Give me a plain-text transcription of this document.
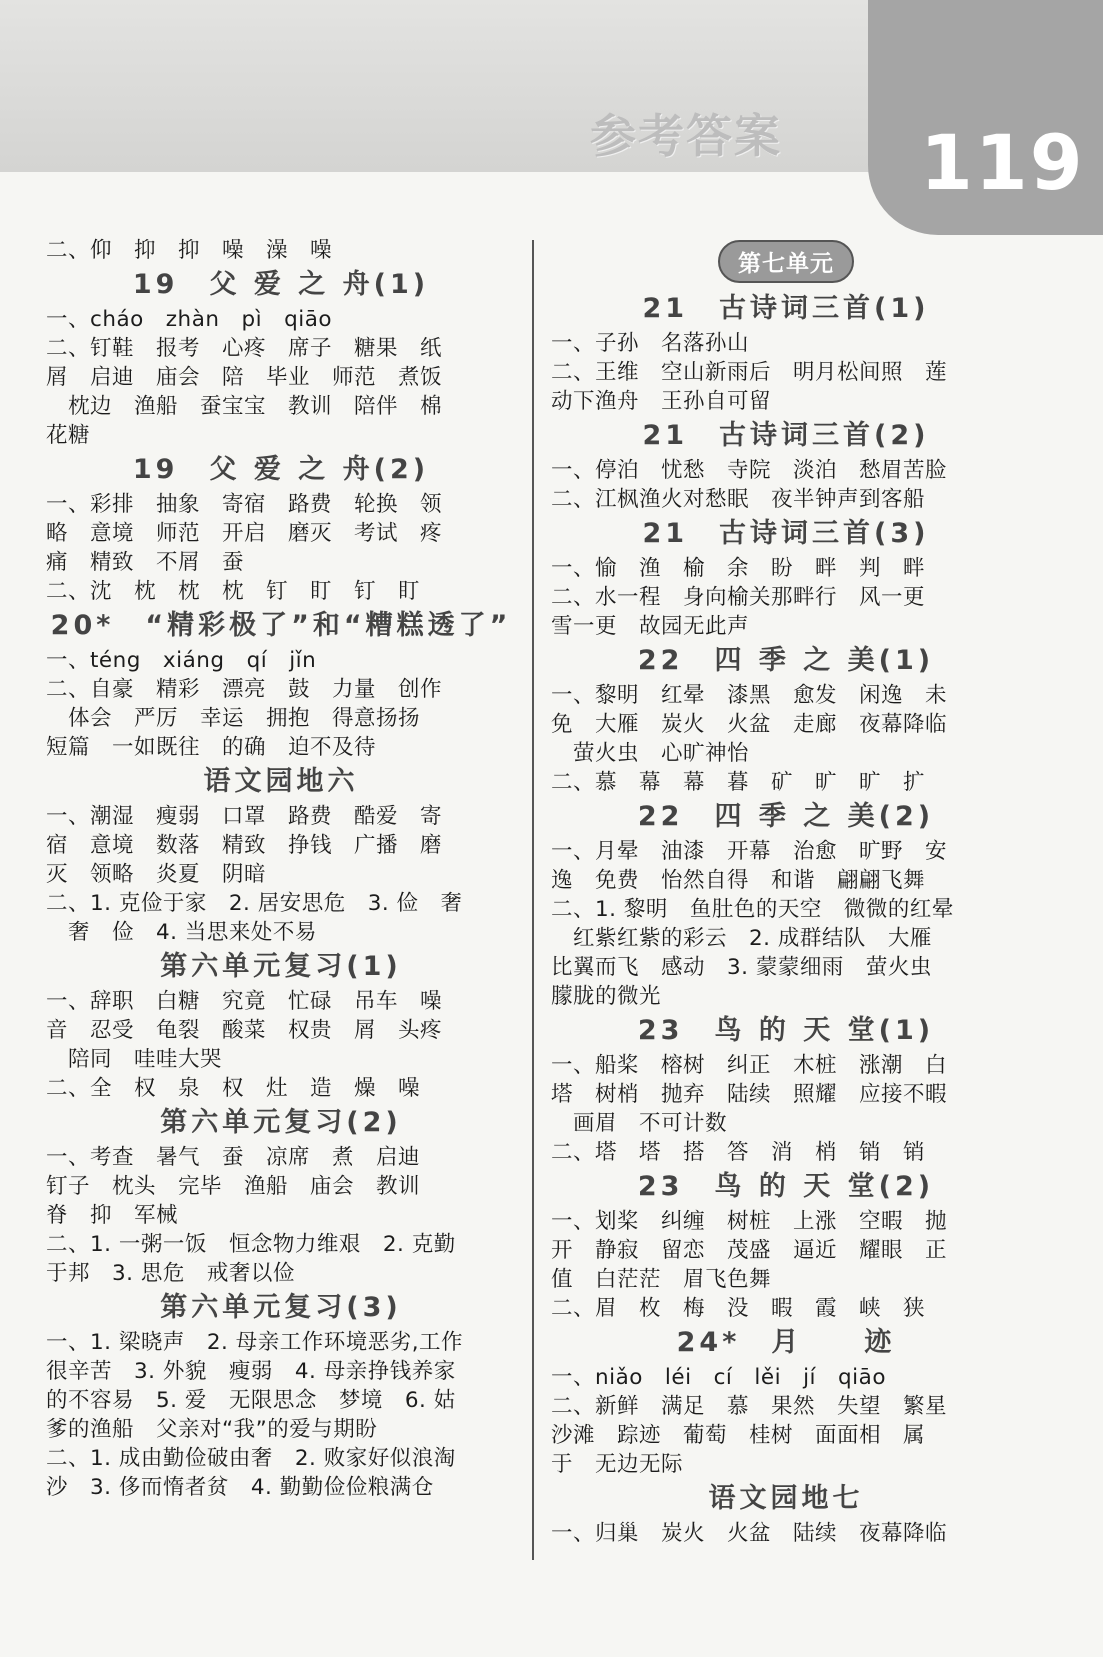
参考答案 119
二、仰　抑　抑　噪　澡　噪
19　父 爱 之 舟(1)
一、cháo　zhàn　pì　qiāo
二、钉鞋　报考　心疼　席子　糖果　纸
屑　启迪　庙会　陪　毕业　师范　煮饭
　枕边　渔船　蚕宝宝　教训　陪伴　棉
花糖
19　父 爱 之 舟(2)
一、彩排　抽象　寄宿　路费　轮换　领
略　意境　师范　开启　磨灭　考试　疼
痛　精致　不屑　蚕
二、沈　枕　枕　枕　钉　盯　钉　盯
20*　“精彩极了”和“糟糕透了”
一、téng　xiáng　qí　jǐn
二、自豪　精彩　漂亮　鼓　力量　创作
　体会　严厉　幸运　拥抱　得意扬扬
短篇　一如既往　的确　迫不及待
语文园地六
一、潮湿　瘦弱　口罩　路费　酷爱　寄
宿　意境　数落　精致　挣钱　广播　磨
灭　领略　炎夏　阴暗
二、1. 克俭于家　2. 居安思危　3. 俭　奢
　奢　俭　4. 当思来处不易
第六单元复习(1)
一、辞职　白糖　究竟　忙碌　吊车　噪
音　忍受　龟裂　酸菜　权贵　屑　头疼
　陪同　哇哇大哭
二、全　权　泉　权　灶　造　燥　噪
第六单元复习(2)
一、考查　暑气　蚕　凉席　煮　启迪
钉子　枕头　完毕　渔船　庙会　教训
脊　抑　军械
二、1. 一粥一饭　恒念物力维艰　2. 克勤
于邦　3. 思危　戒奢以俭
第六单元复习(3)
一、1. 梁晓声　2. 母亲工作环境恶劣,工作
很辛苦　3. 外貌　瘦弱　4. 母亲挣钱养家
的不容易　5. 爱　无限思念　梦境　6. 姑
爹的渔船　父亲对“我”的爱与期盼
二、1. 成由勤俭破由奢　2. 败家好似浪淘
沙　3. 侈而惰者贫　4. 勤勤俭俭粮满仓
第七单元
21　古诗词三首(1)
一、子孙　名落孙山
二、王维　空山新雨后　明月松间照　莲
动下渔舟　王孙自可留
21　古诗词三首(2)
一、停泊　忧愁　寺院　淡泊　愁眉苦脸
二、江枫渔火对愁眠　夜半钟声到客船
21　古诗词三首(3)
一、愉　渔　榆　余　盼　畔　判　畔
二、水一程　身向榆关那畔行　风一更
雪一更　故园无此声
22　四 季 之 美(1)
一、黎明　红晕　漆黑　愈发　闲逸　未
免　大雁　炭火　火盆　走廊　夜幕降临
　萤火虫　心旷神怡
二、慕　幕　幕　暮　矿　旷　旷　扩
22　四 季 之 美(2)
一、月晕　油漆　开幕　治愈　旷野　安
逸　免费　怡然自得　和谐　翩翩飞舞
二、1. 黎明　鱼肚色的天空　微微的红晕
　红紫红紫的彩云　2. 成群结队　大雁
比翼而飞　感动　3. 蒙蒙细雨　萤火虫
朦胧的微光
23　鸟 的 天 堂(1)
一、船桨　榕树　纠正　木桩　涨潮　白
塔　树梢　抛弃　陆续　照耀　应接不暇
　画眉　不可计数
二、塔　塔　搭　答　消　梢　销　销
23　鸟 的 天 堂(2)
一、划桨　纠缠　树桩　上涨　空暇　抛
开　静寂　留恋　茂盛　逼近　耀眼　正
值　白茫茫　眉飞色舞
二、眉　枚　梅　没　暇　霞　峡　狭
24*　月　　迹
一、niǎo　léi　cí　lěi　jí　qiāo
二、新鲜　满足　慕　果然　失望　繁星
沙滩　踪迹　葡萄　桂树　面面相　属
于　无边无际
语文园地七
一、归巢　炭火　火盆　陆续　夜幕降临
